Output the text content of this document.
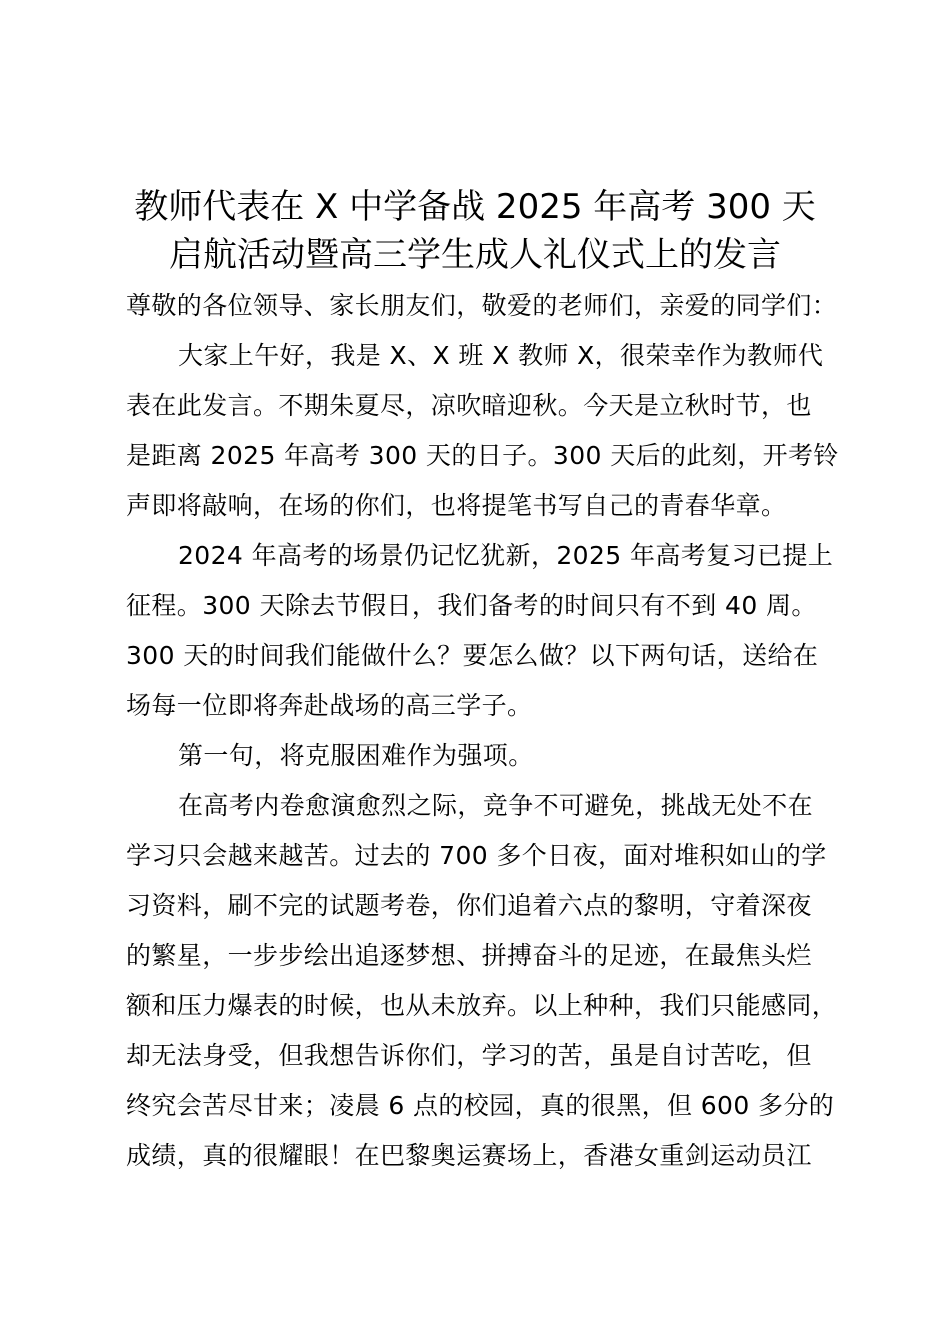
教师代表在 X 中学备战 2025 年高考 300 天
启航活动暨高三学生成人礼仪式上的发言
尊敬的各位领导、家长朋友们，敬爱的老师们，亲爱的同学们：
大家上午好，我是 X、X 班 X 教师 X，很荣幸作为教师代
表在此发言。不期朱夏尽，凉吹暗迎秋。今天是立秋时节，也
是距离 2025 年高考 300 天的日子。300 天后的此刻，开考铃
声即将敲响，在场的你们，也将提笔书写自己的青春华章。
2024 年高考的场景仍记忆犹新，2025 年高考复习已提上
征程。300 天除去节假日，我们备考的时间只有不到 40 周。
300 天的时间我们能做什么？要怎么做？以下两句话，送给在
场每一位即将奔赴战场的高三学子。
第一句，将克服困难作为强项。
在高考内卷愈演愈烈之际，竞争不可避免，挑战无处不在
学习只会越来越苦。过去的 700 多个日夜，面对堆积如山的学
习资料，刷不完的试题考卷，你们追着六点的黎明，守着深夜
的繁星，一步步绘出追逐梦想、拼搏奋斗的足迹，在最焦头烂
额和压力爆表的时候，也从未放弃。以上种种，我们只能感同，
却无法身受，但我想告诉你们，学习的苦，虽是自讨苦吃，但
终究会苦尽甘来；凌晨 6 点的校园，真的很黑，但 600 多分的
成绩，真的很耀眼！在巴黎奥运赛场上，香港女重剑运动员江
